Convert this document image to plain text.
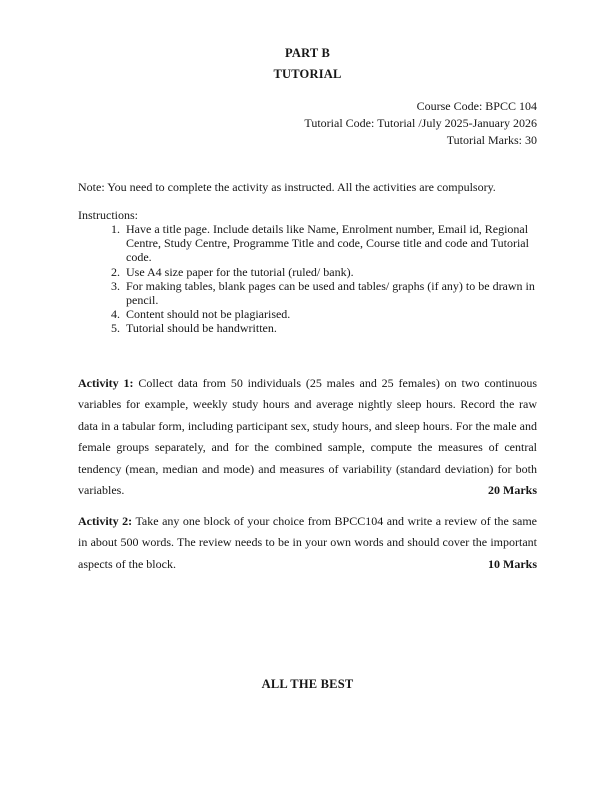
PART B
TUTORIAL
Course Code: BPCC 104
Tutorial Code: Tutorial /July 2025-January 2026
Tutorial Marks: 30
Note: You need to complete the activity as instructed. All the activities are compulsory.
Instructions:
1. Have a title page. Include details like Name, Enrolment number, Email id, Regional Centre, Study Centre, Programme Title and code, Course title and code and Tutorial code.
2. Use A4 size paper for the tutorial (ruled/ bank).
3. For making tables, blank pages can be used and tables/ graphs (if any) to be drawn in pencil.
4. Content should not be plagiarised.
5. Tutorial should be handwritten.

Activity 1: Collect data from 50 individuals (25 males and 25 females) on two continuous variables for example, weekly study hours and average nightly sleep hours. Record the raw data in a tabular form, including participant sex, study hours, and sleep hours. For the male and female groups separately, and for the combined sample, compute the measures of central tendency (mean, median and mode) and measures of variability (standard deviation) for both variables.	20 Marks

Activity 2: Take any one block of your choice from BPCC104 and write a review of the same in about 500 words. The review needs to be in your own words and should cover the important aspects of the block.	10 Marks

ALL THE BEST
